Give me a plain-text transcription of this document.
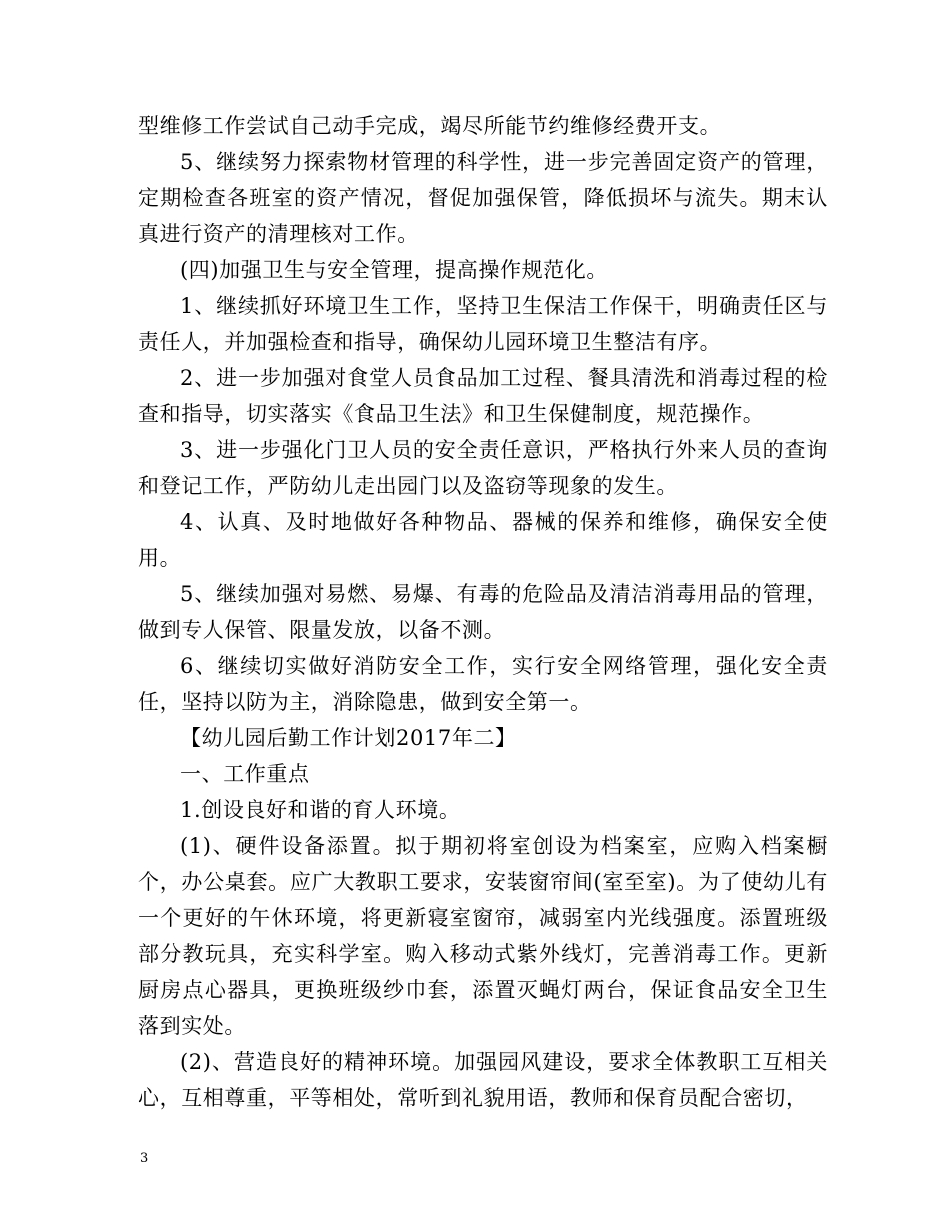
型维修工作尝试自己动手完成，竭尽所能节约维修经费开支。

5、继续努力探索物材管理的科学性，进一步完善固定资产的管理，定期检查各班室的资产情况，督促加强保管，降低损坏与流失。期末认真进行资产的清理核对工作。

(四)加强卫生与安全管理，提高操作规范化。

1、继续抓好环境卫生工作，坚持卫生保洁工作保干，明确责任区与责任人，并加强检查和指导，确保幼儿园环境卫生整洁有序。

2、进一步加强对食堂人员食品加工过程、餐具清洗和消毒过程的检查和指导，切实落实《食品卫生法》和卫生保健制度，规范操作。

3、进一步强化门卫人员的安全责任意识，严格执行外来人员的查询和登记工作，严防幼儿走出园门以及盗窃等现象的发生。

4、认真、及时地做好各种物品、器械的保养和维修，确保安全使用。

5、继续加强对易燃、易爆、有毒的危险品及清洁消毒用品的管理，做到专人保管、限量发放，以备不测。

6、继续切实做好消防安全工作，实行安全网络管理，强化安全责任，坚持以防为主，消除隐患，做到安全第一。

【幼儿园后勤工作计划2017年二】

一、工作重点

1.创设良好和谐的育人环境。

(1)、硬件设备添置。拟于期初将室创设为档案室，应购入档案橱个，办公桌套。应广大教职工要求，安装窗帘间(室至室)。为了使幼儿有一个更好的午休环境，将更新寝室窗帘，减弱室内光线强度。添置班级部分教玩具，充实科学室。购入移动式紫外线灯，完善消毒工作。更新厨房点心器具，更换班级纱巾套，添置灭蝇灯两台，保证食品安全卫生落到实处。

(2)、营造良好的精神环境。加强园风建设，要求全体教职工互相关心，互相尊重，平等相处，常听到礼貌用语，教师和保育员配合密切，

3
